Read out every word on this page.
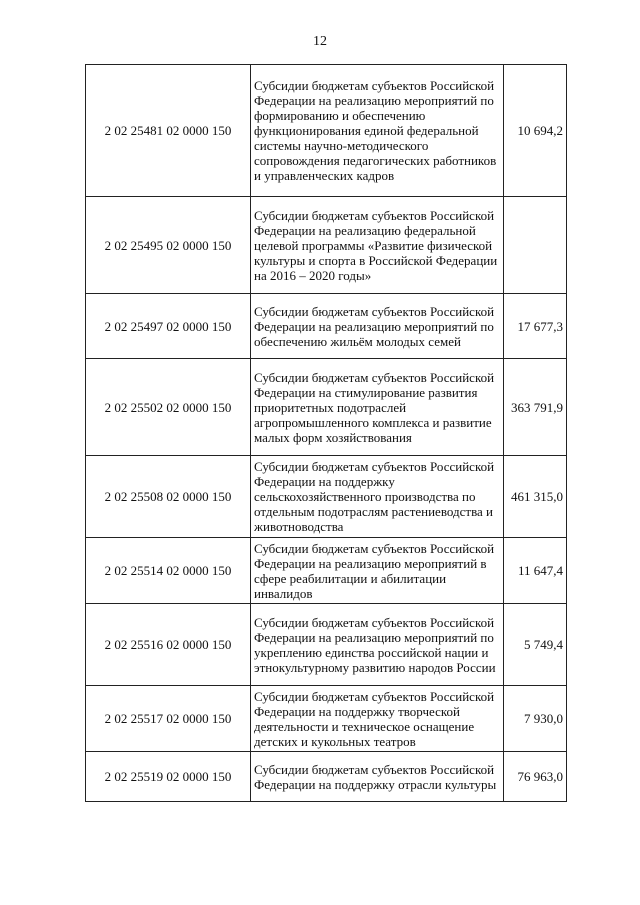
12
2 02 25481 02 0000 150	Субсидии бюджетам субъектов Российской Федерации на реализацию мероприятий по формированию и обеспечению функционирования единой федеральной системы научно-методического сопровождения педагогических работников и управленческих кадров	10 694,2
2 02 25495 02 0000 150	Субсидии бюджетам субъектов Российской Федерации на реализацию федеральной целевой программы «Развитие физической культуры и спорта в Российской Федерации на 2016 – 2020 годы»	
2 02 25497 02 0000 150	Субсидии бюджетам субъектов Российской Федерации на реализацию мероприятий по обеспечению жильём молодых семей	17 677,3
2 02 25502 02 0000 150	Субсидии бюджетам субъектов Российской Федерации на стимулирование развития приоритетных подотраслей агропромышленного комплекса и развитие малых форм хозяйствования	363 791,9
2 02 25508 02 0000 150	Субсидии бюджетам субъектов Российской Федерации на поддержку сельскохозяйственного производства по отдельным подотраслям растениеводства и животноводства	461 315,0
2 02 25514 02 0000 150	Субсидии бюджетам субъектов Российской Федерации на реализацию мероприятий в сфере реабилитации и абилитации инвалидов	11 647,4
2 02 25516 02 0000 150	Субсидии бюджетам субъектов Российской Федерации на реализацию мероприятий по укреплению единства российской нации и этнокультурному развитию народов России	5 749,4
2 02 25517 02 0000 150	Субсидии бюджетам субъектов Российской Федерации на поддержку творческой деятельности и техническое оснащение детских и кукольных театров	7 930,0
2 02 25519 02 0000 150	Субсидии бюджетам субъектов Российской Федерации на поддержку отрасли культуры	76 963,0
